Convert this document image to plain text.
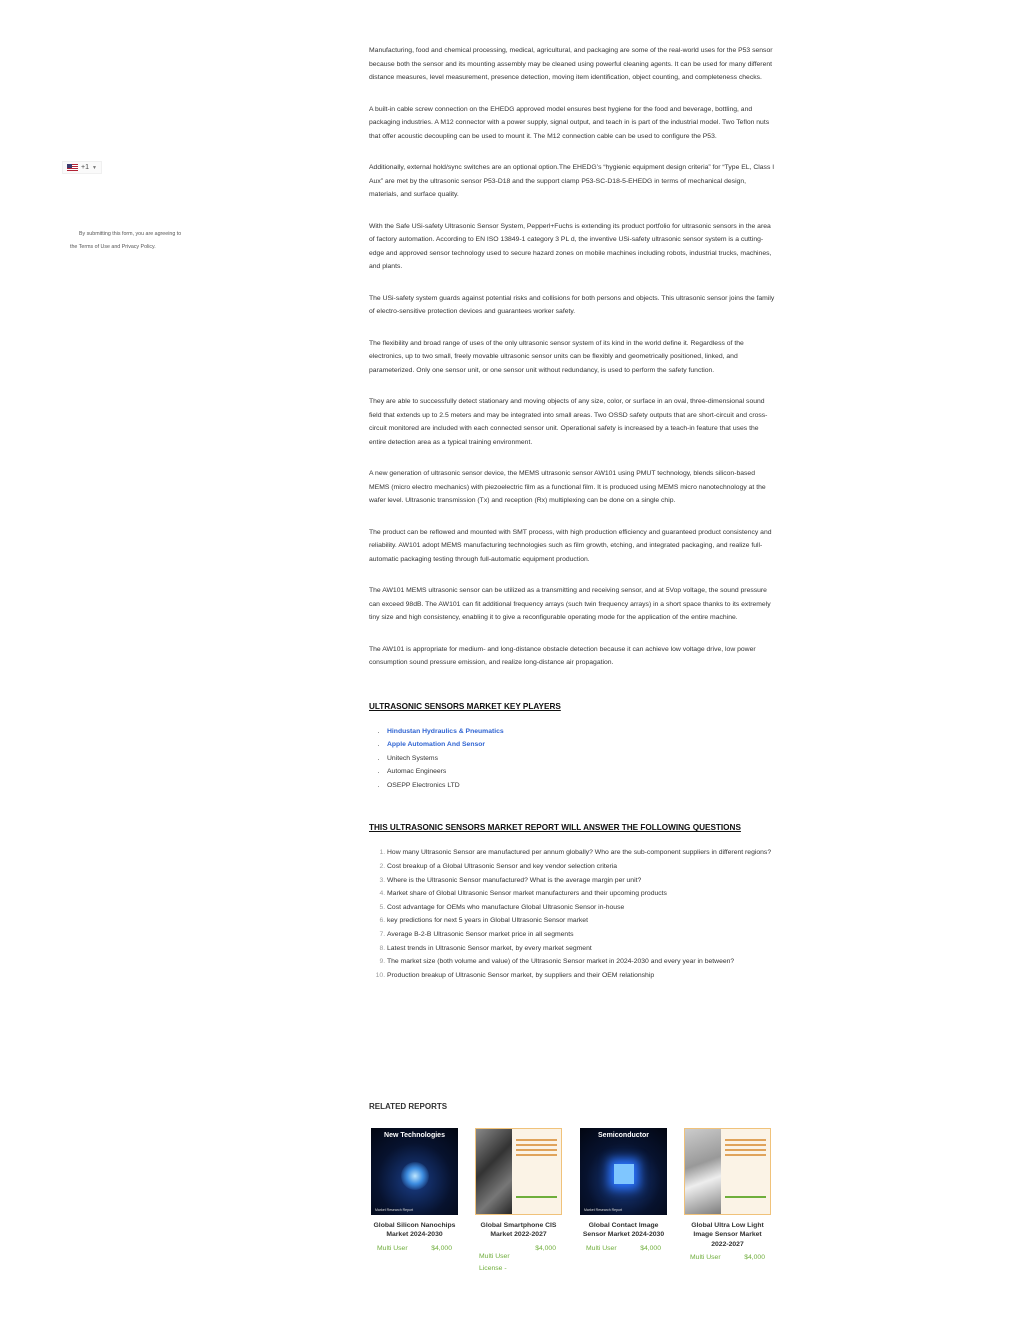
+1 ▼
By submitting this form, you are agreeing to
the Terms of Use and Privacy Policy.

Manufacturing, food and chemical processing, medical, agricultural, and packaging are some of the real-world uses for the P53 sensor because both the sensor and its mounting assembly may be cleaned using powerful cleaning agents. It can be used for many different distance measures, level measurement, presence detection, moving item identification, object counting, and completeness checks.

A built-in cable screw connection on the EHEDG approved model ensures best hygiene for the food and beverage, bottling, and packaging industries. A M12 connector with a power supply, signal output, and teach in is part of the industrial model. Two Teflon nuts that offer acoustic decoupling can be used to mount it. The M12 connection cable can be used to configure the P53.

Additionally, external hold/sync switches are an optional option.The EHEDG’s “hygienic equipment design criteria” for “Type EL, Class I Aux” are met by the ultrasonic sensor P53-D18 and the support clamp P53-SC-D18-5-EHEDG in terms of mechanical design, materials, and surface quality.

With the Safe USi-safety Ultrasonic Sensor System, Pepperl+Fuchs is extending its product portfolio for ultrasonic sensors in the area of factory automation. According to EN ISO 13849-1 category 3 PL d, the inventive USi-safety ultrasonic sensor system is a cutting-edge and approved sensor technology used to secure hazard zones on mobile machines including robots, industrial trucks, machines, and plants.

The USi-safety system guards against potential risks and collisions for both persons and objects. This ultrasonic sensor joins the family of electro-sensitive protection devices and guarantees worker safety.

The flexibility and broad range of uses of the only ultrasonic sensor system of its kind in the world define it. Regardless of the electronics, up to two small, freely movable ultrasonic sensor units can be flexibly and geometrically positioned, linked, and parameterized. Only one sensor unit, or one sensor unit without redundancy, is used to perform the safety function.

They are able to successfully detect stationary and moving objects of any size, color, or surface in an oval, three-dimensional sound field that extends up to 2.5 meters and may be integrated into small areas. Two OSSD safety outputs that are short-circuit and cross-circuit monitored are included with each connected sensor unit. Operational safety is increased by a teach-in feature that uses the entire detection area as a typical training environment.

A new generation of ultrasonic sensor device, the MEMS ultrasonic sensor AW101 using PMUT technology, blends silicon-based MEMS (micro electro mechanics) with piezoelectric film as a functional film. It is produced using MEMS micro nanotechnology at the wafer level. Ultrasonic transmission (Tx) and reception (Rx) multiplexing can be done on a single chip.

The product can be reflowed and mounted with SMT process, with high production efficiency and guaranteed product consistency and reliability. AW101 adopt MEMS manufacturing technologies such as film growth, etching, and integrated packaging, and realize full-automatic packaging testing through full-automatic equipment production.

The AW101 MEMS ultrasonic sensor can be utilized as a transmitting and receiving sensor, and at 5Vop voltage, the sound pressure can exceed 98dB. The AW101 can fit additional frequency arrays (such twin frequency arrays) in a short space thanks to its extremely tiny size and high consistency, enabling it to give a reconfigurable operating mode for the application of the entire machine.

The AW101 is appropriate for medium- and long-distance obstacle detection because it can achieve low voltage drive, low power consumption sound pressure emission, and realize long-distance air propagation.

ULTRASONIC SENSORS MARKET KEY PLAYERS
• Hindustan Hydraulics & Pneumatics
• Apple Automation And Sensor
• Unitech Systems
• Automac Engineers
• OSEPP Electronics LTD
THIS ULTRASONIC SENSORS MARKET REPORT WILL ANSWER THE FOLLOWING QUESTIONS
1. How many Ultrasonic Sensor are manufactured per annum globally? Who are the sub-component suppliers in different regions?
2. Cost breakup of a Global Ultrasonic Sensor and key vendor selection criteria
3. Where is the Ultrasonic Sensor manufactured? What is the average margin per unit?
4. Market share of Global Ultrasonic Sensor market manufacturers and their upcoming products
5. Cost advantage for OEMs who manufacture Global Ultrasonic Sensor in-house
6. key predictions for next 5 years in Global Ultrasonic Sensor market
7. Average B-2-B Ultrasonic Sensor market price in all segments
8. Latest trends in Ultrasonic Sensor market, by every market segment
9. The market size (both volume and value) of the Ultrasonic Sensor market in 2024-2030 and every year in between?
10. Production breakup of Ultrasonic Sensor market, by suppliers and their OEM relationship
RELATED REPORTS
New Technologies
Market Research Report
Global Silicon Nanochips Market 2024-2030
Multi User	$4,000
Global Smartphone CIS Market 2022-2027
$4,000
Multi User License -
Semiconductor
Market Research Report
Global Contact Image Sensor Market 2024-2030
Multi User	$4,000
Global Ultra Low Light Image Sensor Market 2022-2027
Multi User	$4,000
